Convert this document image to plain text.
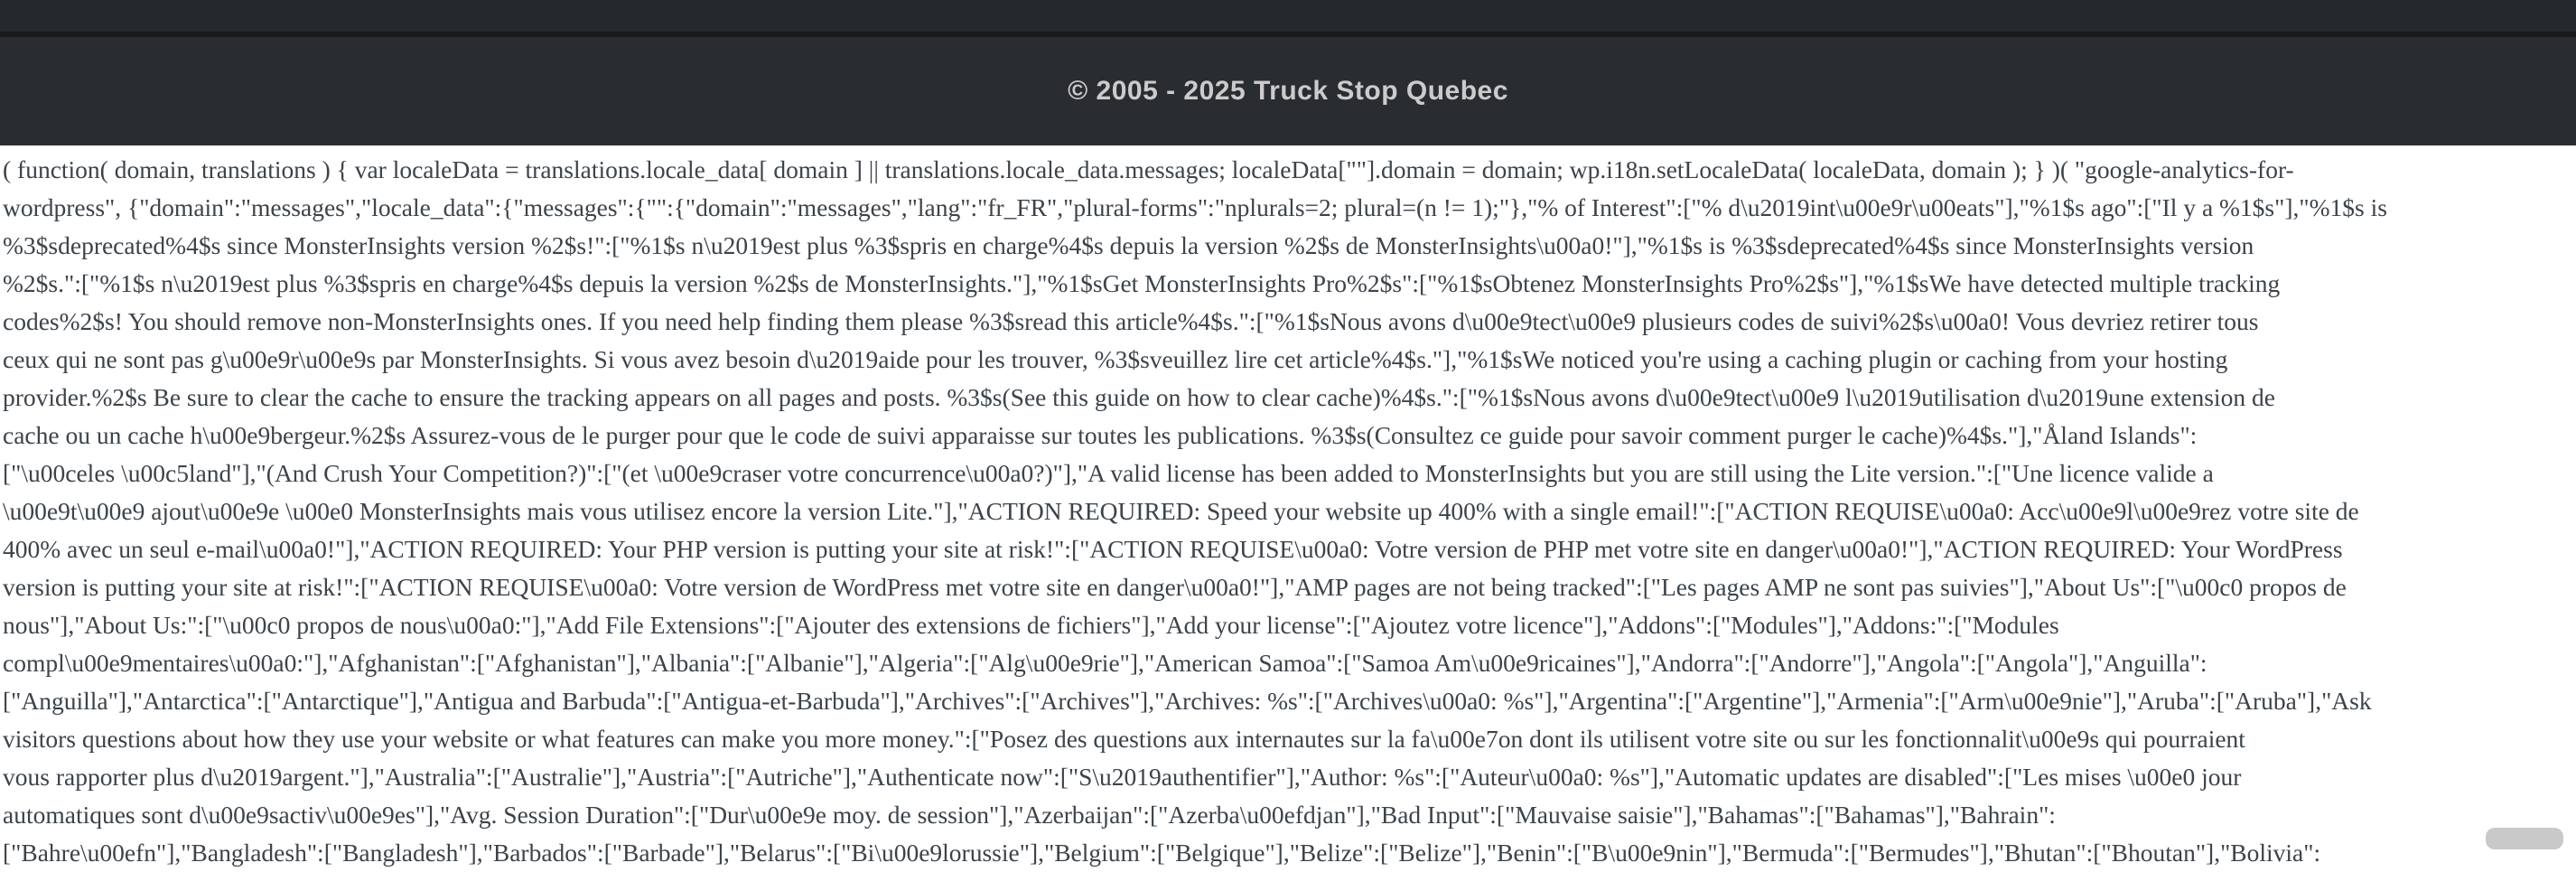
© 2005 - 2025 Truck Stop Quebec
( function( domain, translations ) { var localeData = translations.locale_data[ domain ] || translations.locale_data.messages; localeData[""].domain = domain; wp.i18n.setLocaleData( localeData, domain ); } )( "google-analytics-for-
wordpress", {"domain":"messages","locale_data":{"messages":{"":{"domain":"messages","lang":"fr_FR","plural-forms":"nplurals=2; plural=(n != 1);"},"% of Interest":["% d\u2019int\u00e9r\u00eats"],"%1$s ago":["Il y a %1$s"],"%1$s is
%3$sdeprecated%4$s since MonsterInsights version %2$s!":["%1$s n\u2019est plus %3$spris en charge%4$s depuis la version %2$s de MonsterInsights\u00a0!"],"%1$s is %3$sdeprecated%4$s since MonsterInsights version
%2$s.":["%1$s n\u2019est plus %3$spris en charge%4$s depuis la version %2$s de MonsterInsights."],"%1$sGet MonsterInsights Pro%2$s":["%1$sObtenez MonsterInsights Pro%2$s"],"%1$sWe have detected multiple tracking
codes%2$s! You should remove non-MonsterInsights ones. If you need help finding them please %3$sread this article%4$s.":["%1$sNous avons d\u00e9tect\u00e9 plusieurs codes de suivi%2$s\u00a0! Vous devriez retirer tous
ceux qui ne sont pas g\u00e9r\u00e9s par MonsterInsights. Si vous avez besoin d\u2019aide pour les trouver, %3$sveuillez lire cet article%4$s."],"%1$sWe noticed you're using a caching plugin or caching from your hosting
provider.%2$s Be sure to clear the cache to ensure the tracking appears on all pages and posts. %3$s(See this guide on how to clear cache)%4$s.":["%1$sNous avons d\u00e9tect\u00e9 l\u2019utilisation d\u2019une extension de
cache ou un cache h\u00e9bergeur.%2$s Assurez-vous de le purger pour que le code de suivi apparaisse sur toutes les publications. %3$s(Consultez ce guide pour savoir comment purger le cache)%4$s."],"Åland Islands":
["\u00celes \u00c5land"],"(And Crush Your Competition?)":["(et \u00e9craser votre concurrence\u00a0?)"],"A valid license has been added to MonsterInsights but you are still using the Lite version.":["Une licence valide a
\u00e9t\u00e9 ajout\u00e9e \u00e0 MonsterInsights mais vous utilisez encore la version Lite."],"ACTION REQUIRED: Speed your website up 400% with a single email!":["ACTION REQUISE\u00a0: Acc\u00e9l\u00e9rez votre site de
400% avec un seul e-mail\u00a0!"],"ACTION REQUIRED: Your PHP version is putting your site at risk!":["ACTION REQUISE\u00a0: Votre version de PHP met votre site en danger\u00a0!"],"ACTION REQUIRED: Your WordPress
version is putting your site at risk!":["ACTION REQUISE\u00a0: Votre version de WordPress met votre site en danger\u00a0!"],"AMP pages are not being tracked":["Les pages AMP ne sont pas suivies"],"About Us":["\u00c0 propos de
nous"],"About Us:":["\u00c0 propos de nous\u00a0:"],"Add File Extensions":["Ajouter des extensions de fichiers"],"Add your license":["Ajoutez votre licence"],"Addons":["Modules"],"Addons:":["Modules
compl\u00e9mentaires\u00a0:"],"Afghanistan":["Afghanistan"],"Albania":["Albanie"],"Algeria":["Alg\u00e9rie"],"American Samoa":["Samoa Am\u00e9ricaines"],"Andorra":["Andorre"],"Angola":["Angola"],"Anguilla":
["Anguilla"],"Antarctica":["Antarctique"],"Antigua and Barbuda":["Antigua-et-Barbuda"],"Archives":["Archives"],"Archives: %s":["Archives\u00a0: %s"],"Argentina":["Argentine"],"Armenia":["Arm\u00e9nie"],"Aruba":["Aruba"],"Ask
visitors questions about how they use your website or what features can make you more money.":["Posez des questions aux internautes sur la fa\u00e7on dont ils utilisent votre site ou sur les fonctionnalit\u00e9s qui pourraient
vous rapporter plus d\u2019argent."],"Australia":["Australie"],"Austria":["Autriche"],"Authenticate now":["S\u2019authentifier"],"Author: %s":["Auteur\u00a0: %s"],"Automatic updates are disabled":["Les mises \u00e0 jour
automatiques sont d\u00e9sactiv\u00e9es"],"Avg. Session Duration":["Dur\u00e9e moy. de session"],"Azerbaijan":["Azerba\u00efdjan"],"Bad Input":["Mauvaise saisie"],"Bahamas":["Bahamas"],"Bahrain":
["Bahre\u00efn"],"Bangladesh":["Bangladesh"],"Barbados":["Barbade"],"Belarus":["Bi\u00e9lorussie"],"Belgium":["Belgique"],"Belize":["Belize"],"Benin":["B\u00e9nin"],"Bermuda":["Bermudes"],"Bhutan":["Bhoutan"],"Bolivia":
